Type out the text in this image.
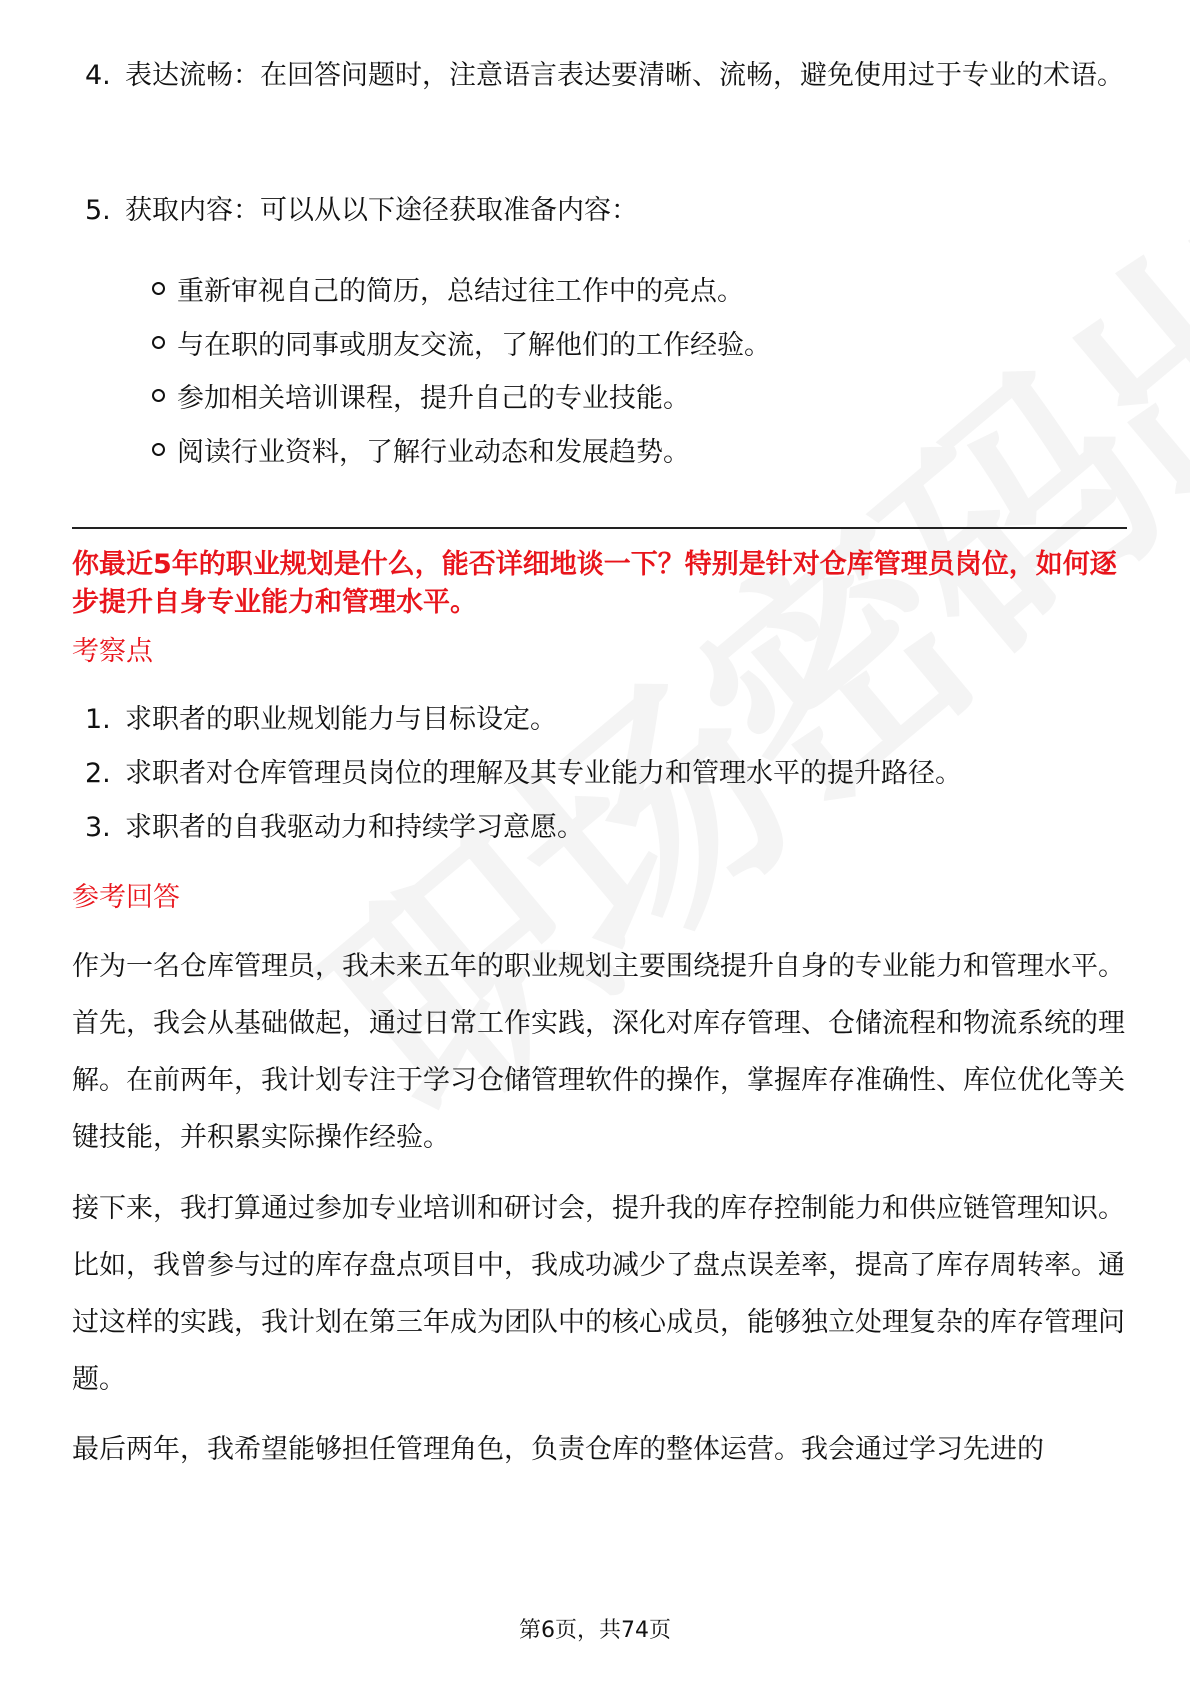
4. 表达流畅：在回答问题时，注意语言表达要清晰、流畅，避免使用过于专业的术语。
5. 获取内容：可以从以下途径获取准备内容：
重新审视自己的简历，总结过往工作中的亮点。
与在职的同事或朋友交流，了解他们的工作经验。
参加相关培训课程，提升自己的专业技能。
阅读行业资料，了解行业动态和发展趋势。
你最近5年的职业规划是什么，能否详细地谈一下？特别是针对仓库管理员岗位，如何逐步提升自身专业能力和管理水平。
考察点
1. 求职者的职业规划能力与目标设定。
2. 求职者对仓库管理员岗位的理解及其专业能力和管理水平的提升路径。
3. 求职者的自我驱动力和持续学习意愿。
参考回答
作为一名仓库管理员，我未来五年的职业规划主要围绕提升自身的专业能力和管理水平。首先，我会从基础做起，通过日常工作实践，深化对库存管理、仓储流程和物流系统的理解。在前两年，我计划专注于学习仓储管理软件的操作，掌握库存准确性、库位优化等关键技能，并积累实际操作经验。
接下来，我打算通过参加专业培训和研讨会，提升我的库存控制能力和供应链管理知识。比如，我曾参与过的库存盘点项目中，我成功减少了盘点误差率，提高了库存周转率。通过这样的实践，我计划在第三年成为团队中的核心成员，能够独立处理复杂的库存管理问题。
最后两年，我希望能够担任管理角色，负责仓库的整体运营。我会通过学习先进的
第6页，共74页
